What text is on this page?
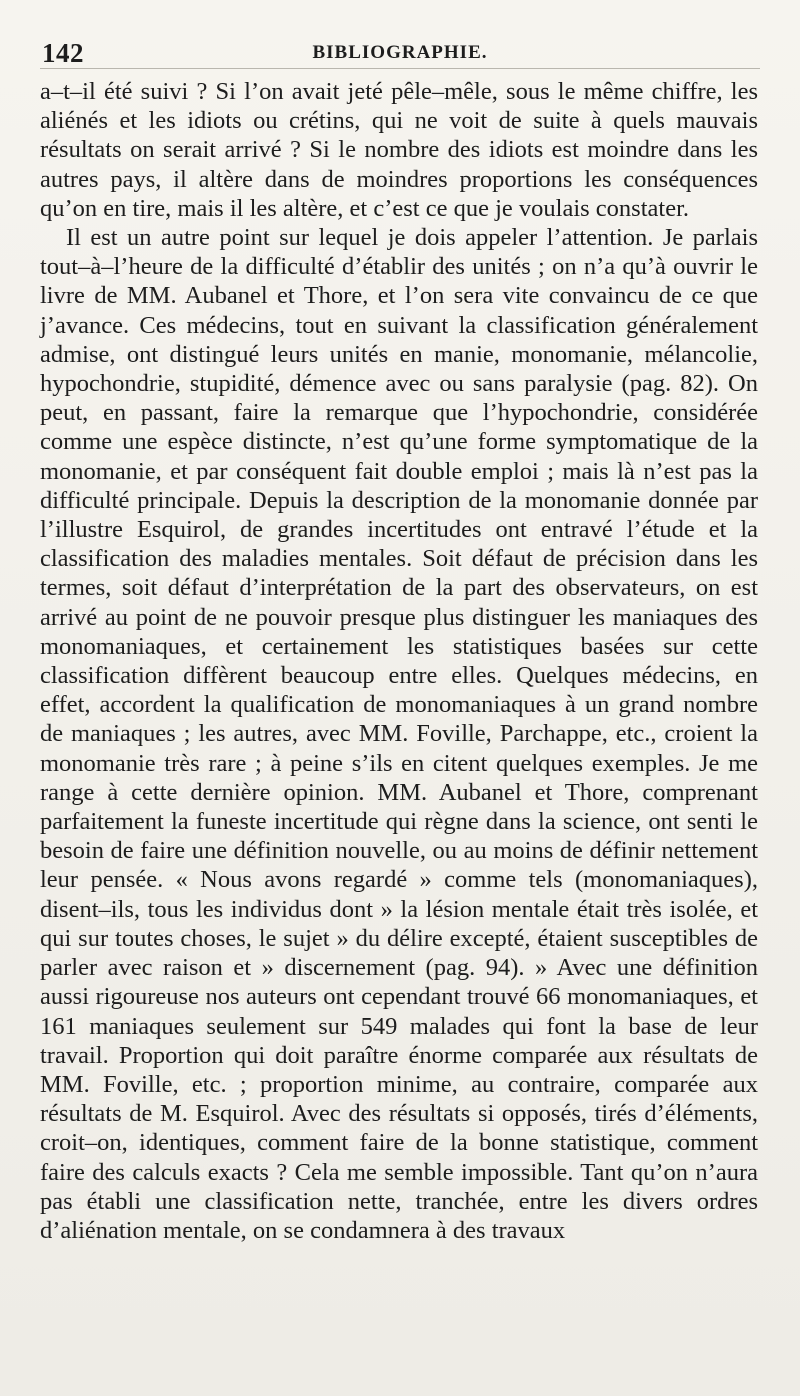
142	BIBLIOGRAPHIE.

a–t–il été suivi ? Si l’on avait jeté pêle–mêle, sous le même chiffre, les aliénés et les idiots ou crétins, qui ne voit de suite à quels mauvais résultats on serait arrivé ? Si le nombre des idiots est moindre dans les autres pays, il altère dans de moindres proportions les conséquences qu’on en tire, mais il les altère, et c’est ce que je voulais constater.

Il est un autre point sur lequel je dois appeler l’attention. Je parlais tout–à–l’heure de la difficulté d’établir des unités ; on n’a qu’à ouvrir le livre de MM. Aubanel et Thore, et l’on sera vite convaincu de ce que j’avance. Ces médecins, tout en suivant la classification généralement admise, ont distingué leurs unités en manie, monomanie, mélancolie, hypochondrie, stupidité, démence avec ou sans paralysie (pag. 82). On peut, en passant, faire la remarque que l’hypochondrie, considérée comme une espèce distincte, n’est qu’une forme symptomatique de la monomanie, et par conséquent fait double emploi ; mais là n’est pas la difficulté principale. Depuis la description de la monomanie donnée par l’illustre Esquirol, de grandes incertitudes ont entravé l’étude et la classification des maladies mentales. Soit défaut de précision dans les termes, soit défaut d’interprétation de la part des observateurs, on est arrivé au point de ne pouvoir presque plus distinguer les maniaques des monomaniaques, et certainement les statistiques basées sur cette classification diffèrent beaucoup entre elles. Quelques médecins, en effet, accordent la qualification de monomaniaques à un grand nombre de maniaques ; les autres, avec MM. Foville, Parchappe, etc., croient la monomanie très rare ; à peine s’ils en citent quelques exemples. Je me range à cette dernière opinion. MM. Aubanel et Thore, comprenant parfaitement la funeste incertitude qui règne dans la science, ont senti le besoin de faire une définition nouvelle, ou au moins de définir nettement leur pensée. « Nous avons regardé » comme tels (monomaniaques), disent–ils, tous les individus dont » la lésion mentale était très isolée, et qui sur toutes choses, le sujet » du délire excepté, étaient susceptibles de parler avec raison et » discernement (pag. 94). » Avec une définition aussi rigoureuse nos auteurs ont cependant trouvé 66 monomaniaques, et 161 maniaques seulement sur 549 malades qui font la base de leur travail. Proportion qui doit paraître énorme comparée aux résultats de MM. Foville, etc. ; proportion minime, au contraire, comparée aux résultats de M. Esquirol. Avec des résultats si opposés, tirés d’éléments, croit–on, identiques, comment faire de la bonne statistique, comment faire des calculs exacts ? Cela me semble impossible. Tant qu’on n’aura pas établi une classification nette, tranchée, entre les divers ordres d’aliénation mentale, on se condamnera à des travaux
